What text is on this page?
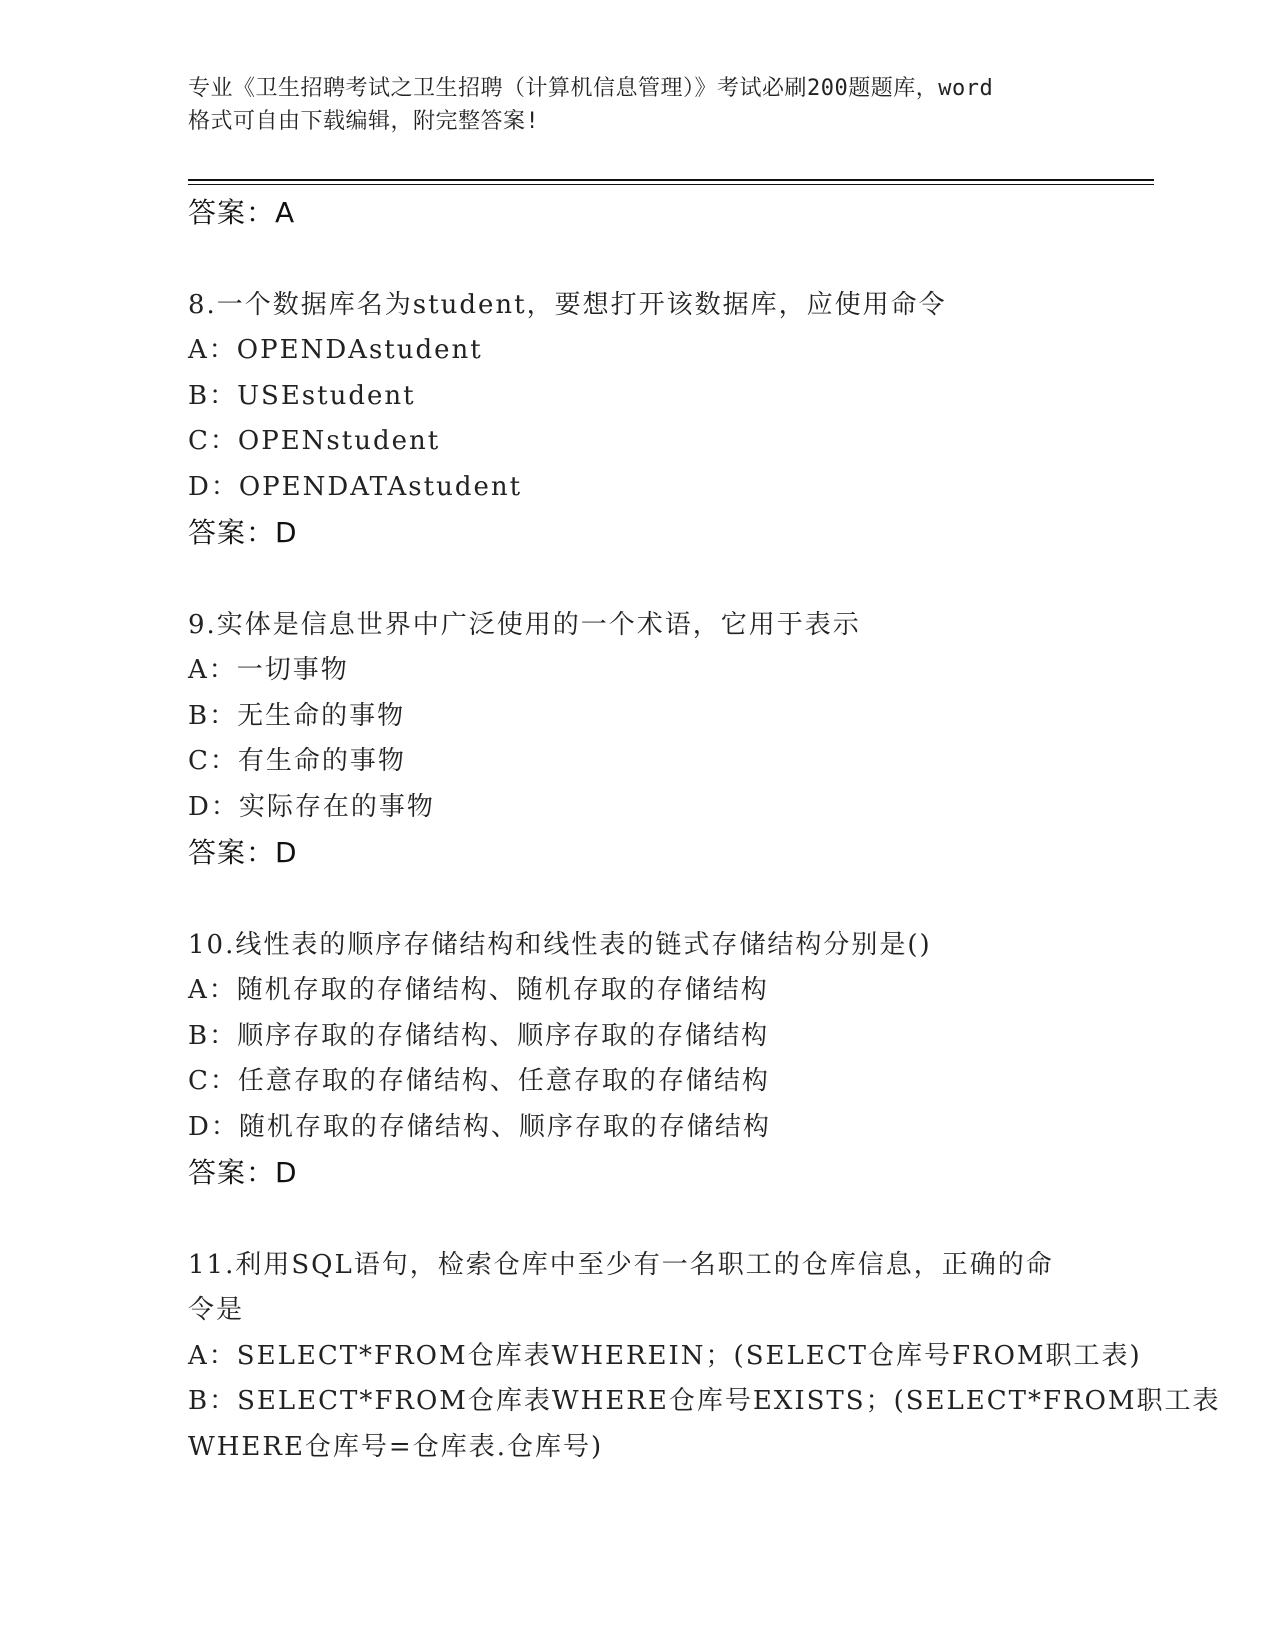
专业《卫生招聘考试之卫生招聘（计算机信息管理）》考试必刷200题题库，word
格式可自由下载编辑，附完整答案!
答案：A
8.一个数据库名为student，要想打开该数据库，应使用命令
A：OPENDAstudent
B：USEstudent
C：OPENstudent
D：OPENDATAstudent
答案：D
9.实体是信息世界中广泛使用的一个术语，它用于表示
A：一切事物
B：无生命的事物
C：有生命的事物
D：实际存在的事物
答案：D
10.线性表的顺序存储结构和线性表的链式存储结构分别是()
A：随机存取的存储结构、随机存取的存储结构
B：顺序存取的存储结构、顺序存取的存储结构
C：任意存取的存储结构、任意存取的存储结构
D：随机存取的存储结构、顺序存取的存储结构
答案：D
11.利用SQL语句，检索仓库中至少有一名职工的仓库信息，正确的命
令是
A：SELECT*FROM仓库表WHEREIN；(SELECT仓库号FROM职工表)
B：SELECT*FROM仓库表WHERE仓库号EXISTS；(SELECT*FROM职工表
WHERE仓库号=仓库表.仓库号)
